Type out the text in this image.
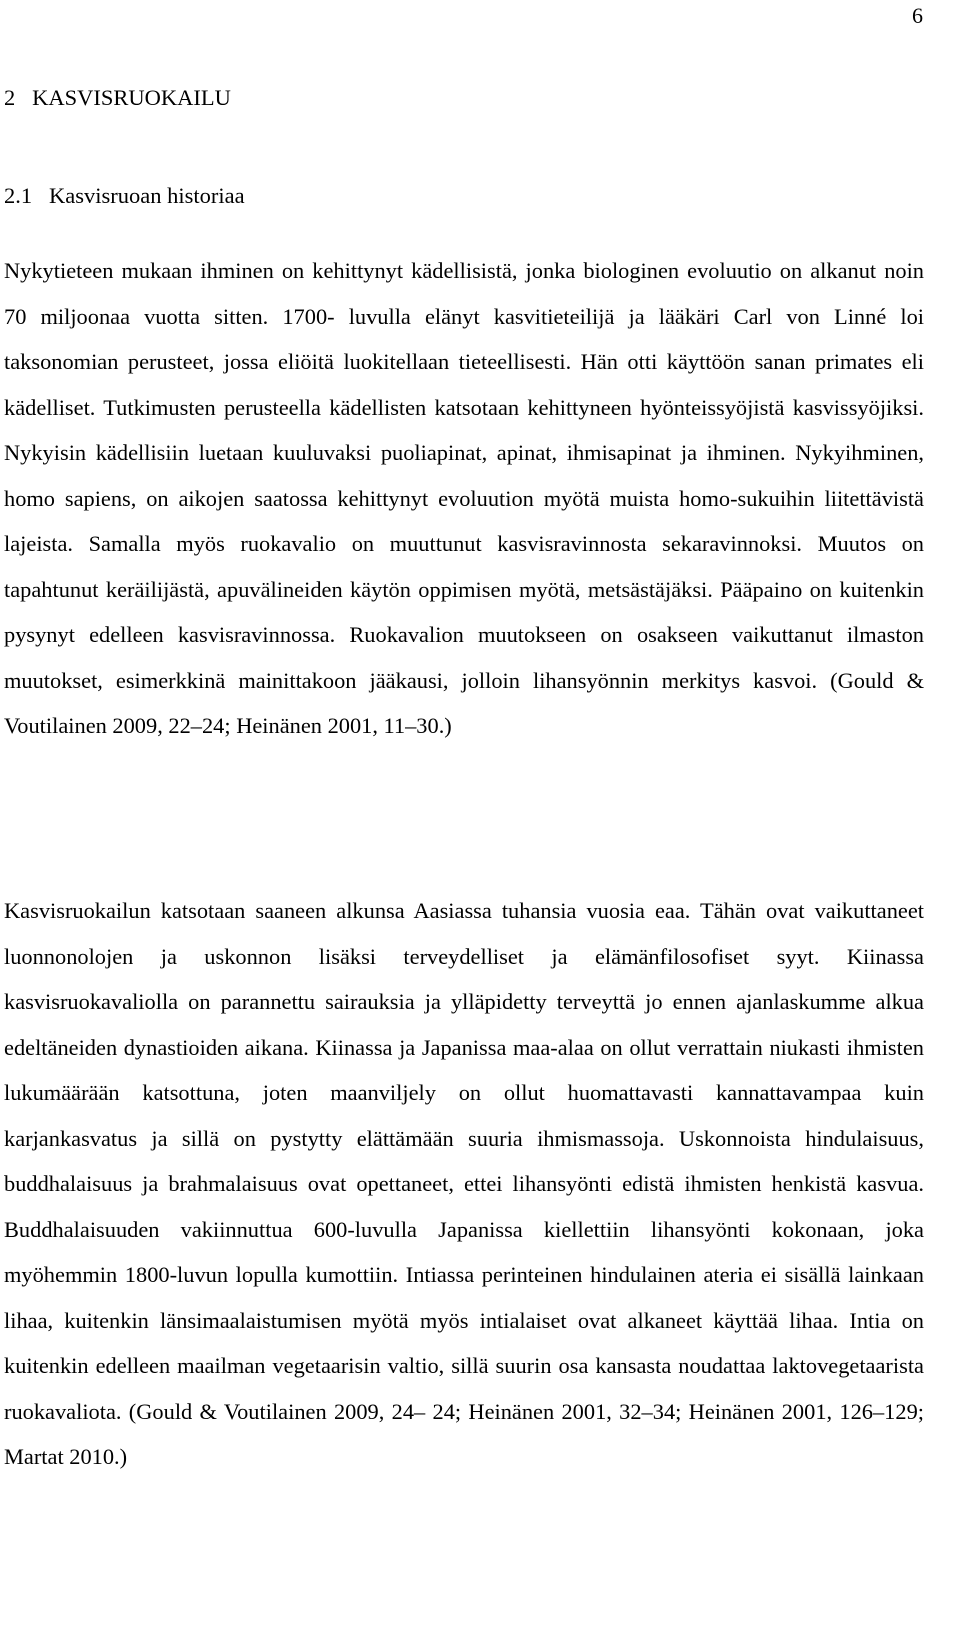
6
2   KASVISRUOKAILU
2.1   Kasvisruoan historiaa

Nykytieteen mukaan ihminen on kehittynyt kädellisistä, jonka biologinen evoluutio on alkanut noin 70 miljoonaa vuotta sitten. 1700- luvulla elänyt kasvitieteilijä ja lääkäri Carl von Linné loi taksonomian perusteet, jossa eliöitä luokitellaan tieteellisesti. Hän otti käyttöön sanan primates eli kädelliset. Tutkimusten perusteella kädellisten katsotaan kehittyneen hyönteissyöjistä kasvissyöjiksi. Nykyisin kädellisiin luetaan kuuluvaksi puoliapinat, apinat, ihmisapinat ja ihminen. Nykyihminen, homo sapiens, on aikojen saatossa kehittynyt evoluution myötä muista homo-sukuihin liitettävistä lajeista. Samalla myös ruokavalio on muuttunut kasvisravinnosta sekaravinnoksi. Muutos on tapahtunut keräilijästä, apuvälineiden käytön oppimisen myötä, metsästäjäksi. Pääpaino on kuitenkin pysynyt edelleen kasvisravinnossa. Ruokavalion muutokseen on osakseen vaikuttanut ilmaston muutokset, esimerkkinä mainittakoon jääkausi, jolloin lihansyönnin merkitys kasvoi. (Gould & Voutilainen 2009, 22–24; Heinänen 2001, 11–30.)

Kasvisruokailun katsotaan saaneen alkunsa Aasiassa tuhansia vuosia eaa. Tähän ovat vaikuttaneet luonnonolojen ja uskonnon lisäksi terveydelliset ja elämänfilosofiset syyt. Kiinassa kasvisruokavaliolla on parannettu sairauksia ja ylläpidetty terveyttä jo ennen ajanlaskumme alkua edeltäneiden dynastioiden aikana. Kiinassa ja Japanissa maa-alaa on ollut verrattain niukasti ihmisten lukumäärään katsottuna, joten maanviljely on ollut huomattavasti kannattavampaa kuin karjankasvatus ja sillä on pystytty elättämään suuria ihmismassoja. Uskonnoista hindulaisuus, buddhalaisuus ja brahmalaisuus ovat opettaneet, ettei lihansyönti edistä ihmisten henkistä kasvua. Buddhalaisuuden vakiinnuttua 600-luvulla Japanissa kiellettiin lihansyönti kokonaan, joka myöhemmin 1800-luvun lopulla kumottiin. Intiassa perinteinen hindulainen ateria ei sisällä lainkaan lihaa, kuitenkin länsimaalaistumisen myötä myös intialaiset ovat alkaneet käyttää lihaa. Intia on kuitenkin edelleen maailman vegetaarisin valtio, sillä suurin osa kansasta noudattaa laktovegetaarista ruokavaliota. (Gould & Voutilainen 2009, 24– 24; Heinänen 2001, 32–34; Heinänen 2001, 126–129; Martat 2010.)
